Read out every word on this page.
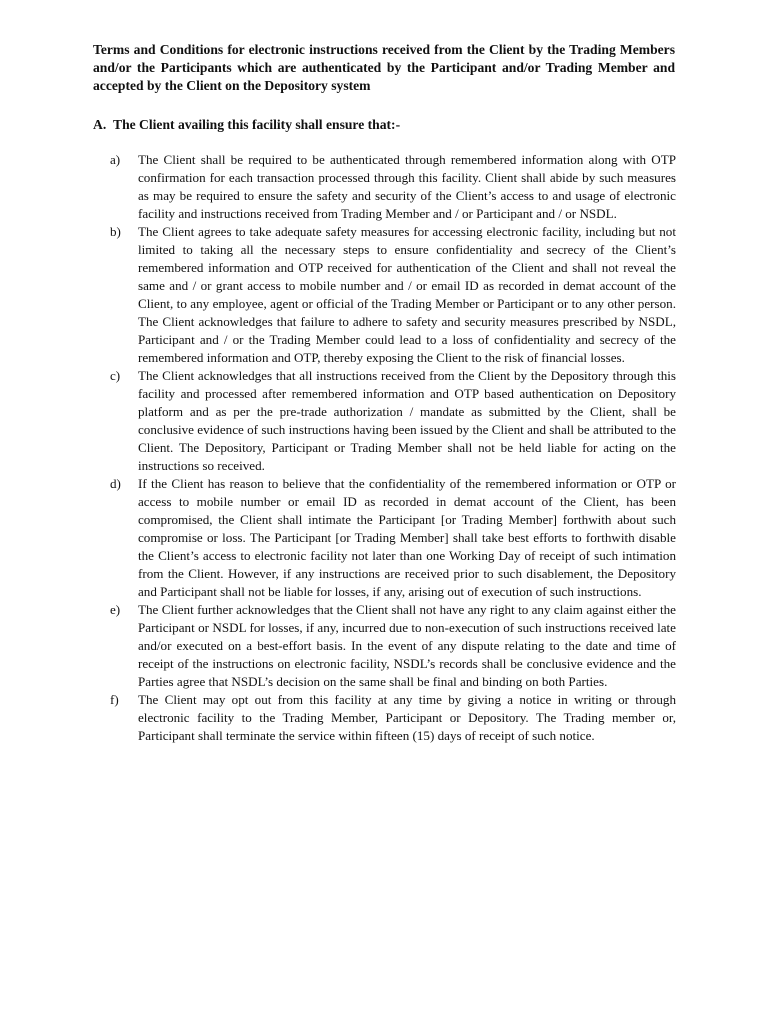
Terms and Conditions for electronic instructions received from the Client by the Trading Members and/or the Participants which are authenticated by the Participant and/or Trading Member and accepted by the Client on the Depository system

A. The Client availing this facility shall ensure that:-

a)	The Client shall be required to be authenticated through remembered information along with OTP confirmation for each transaction processed through this facility. Client shall abide by such measures as may be required to ensure the safety and security of the Client’s access to and usage of electronic facility and instructions received from Trading Member and / or Participant and / or NSDL.
b)	The Client agrees to take adequate safety measures for accessing electronic facility, including but not limited to taking all the necessary steps to ensure confidentiality and secrecy of the Client’s remembered information and OTP received for authentication of the Client and shall not reveal the same and / or grant access to mobile number and / or email ID as recorded in demat account of the Client, to any employee, agent or official of the Trading Member or Participant or to any other person. The Client acknowledges that failure to adhere to safety and security measures prescribed by NSDL, Participant and / or the Trading Member could lead to a loss of confidentiality and secrecy of the remembered information and OTP, thereby exposing the Client to the risk of financial losses.
c)	The Client acknowledges that all instructions received from the Client by the Depository through this facility and processed after remembered information and OTP based authentication on Depository platform and as per the pre-trade authorization / mandate as submitted by the Client, shall be conclusive evidence of such instructions having been issued by the Client and shall be attributed to the Client. The Depository, Participant or Trading Member shall not be held liable for acting on the instructions so received.
d)	If the Client has reason to believe that the confidentiality of the remembered information or OTP or access to mobile number or email ID as recorded in demat account of the Client, has been compromised, the Client shall intimate the Participant [or Trading Member] forthwith about such compromise or loss. The Participant [or Trading Member] shall take best efforts to forthwith disable the Client’s access to electronic facility not later than one Working Day of receipt of such intimation from the Client. However, if any instructions are received prior to such disablement, the Depository and Participant shall not be liable for losses, if any, arising out of execution of such instructions.
e)	The Client further acknowledges that the Client shall not have any right to any claim against either the Participant or NSDL for losses, if any, incurred due to non-execution of such instructions received late and/or executed on a best-effort basis. In the event of any dispute relating to the date and time of receipt of the instructions on electronic facility, NSDL’s records shall be conclusive evidence and the Parties agree that NSDL’s decision on the same shall be final and binding on both Parties.
f)	The Client may opt out from this facility at any time by giving a notice in writing or through electronic facility to the Trading Member, Participant or Depository. The Trading member or, Participant shall terminate the service within fifteen (15) days of receipt of such notice.
